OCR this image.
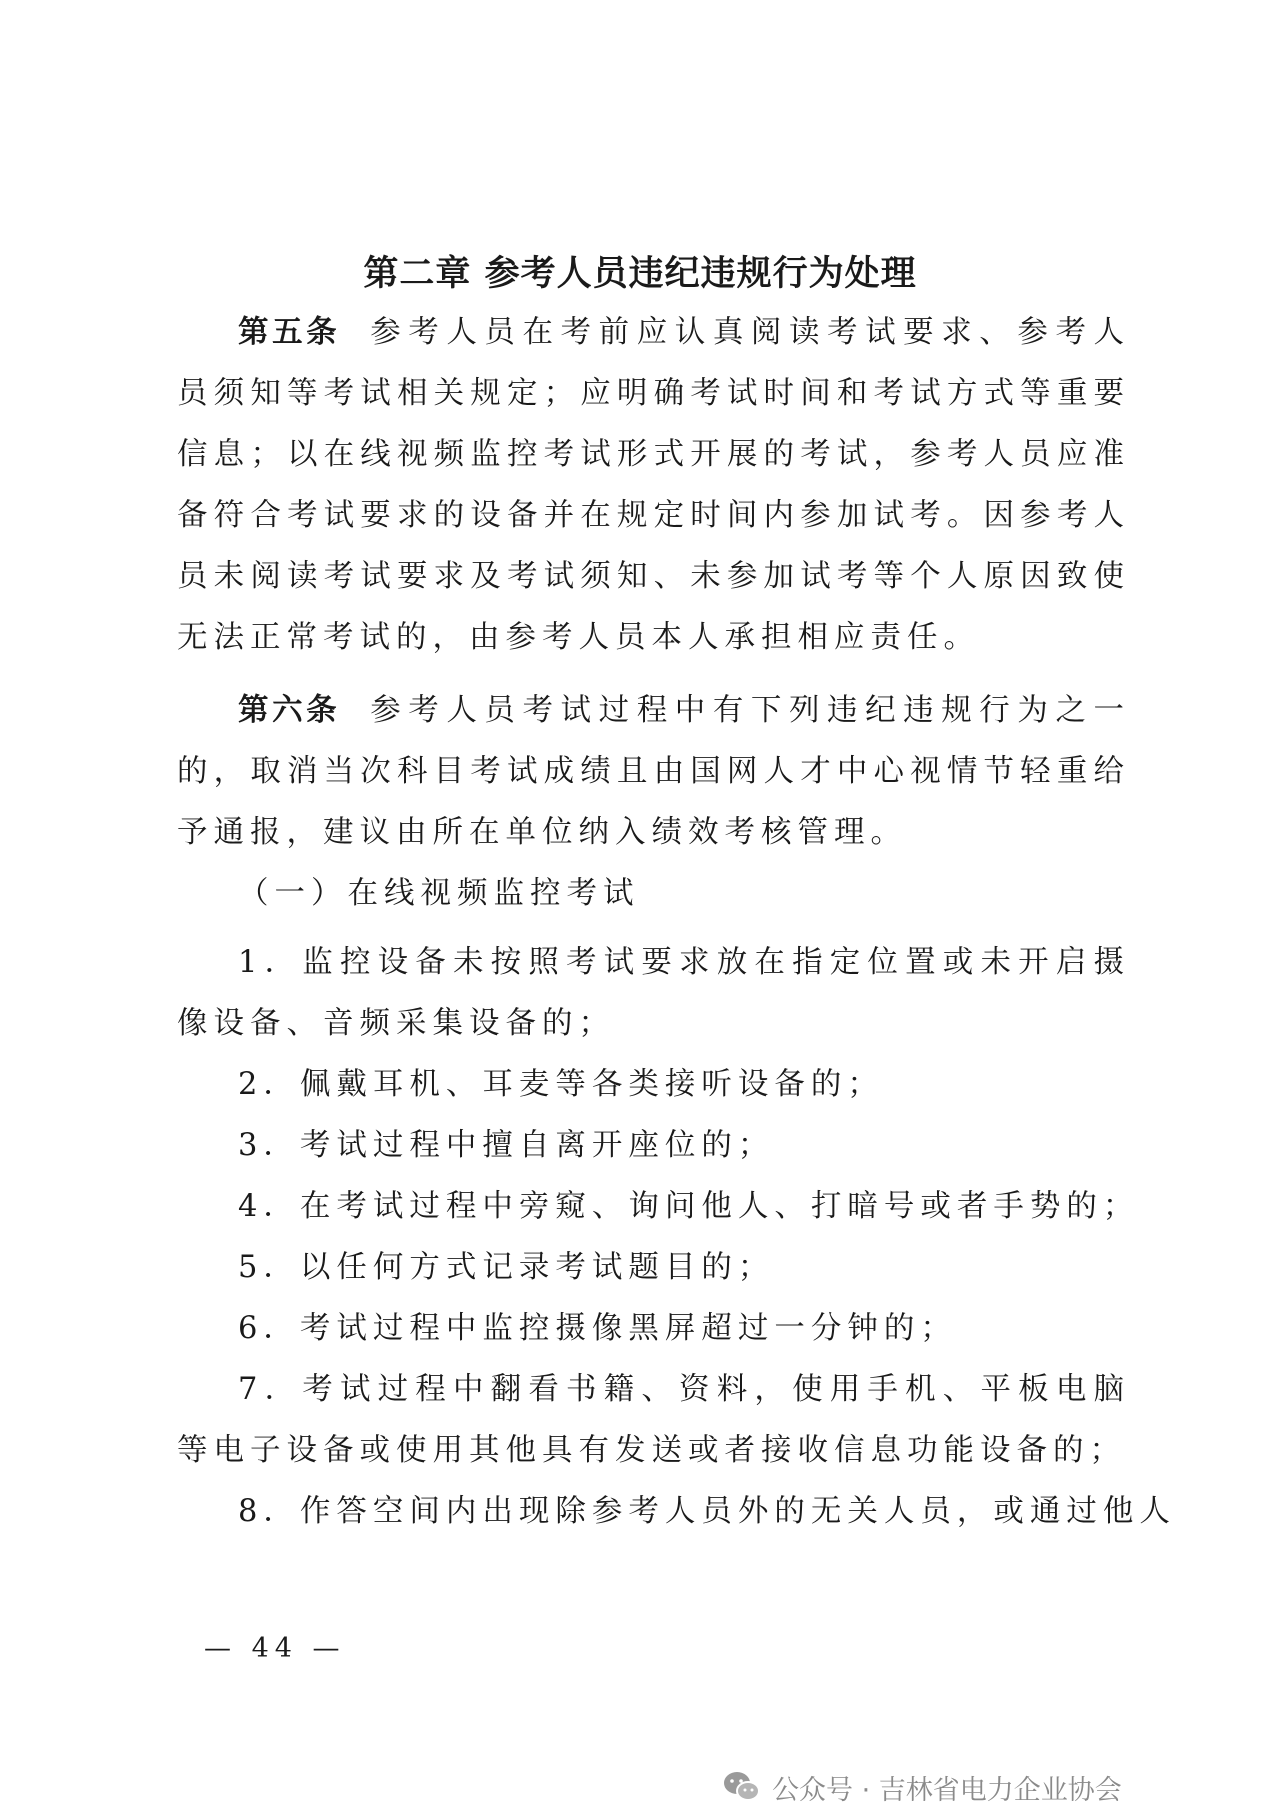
第二章 参考人员违纪违规行为处理

第五条 参考人员在考前应认真阅读考试要求、参考人员须知等考试相关规定；应明确考试时间和考试方式等重要信息；以在线视频监控考试形式开展的考试，参考人员应准备符合考试要求的设备并在规定时间内参加试考。因参考人员未阅读考试要求及考试须知、未参加试考等个人原因致使无法正常考试的，由参考人员本人承担相应责任。

第六条 参考人员考试过程中有下列违纪违规行为之一的，取消当次科目考试成绩且由国网人才中心视情节轻重给予通报，建议由所在单位纳入绩效考核管理。

（一）在线视频监控考试

1．监控设备未按照考试要求放在指定位置或未开启摄像设备、音频采集设备的；

2．佩戴耳机、耳麦等各类接听设备的；

3．考试过程中擅自离开座位的；

4．在考试过程中旁窥、询问他人、打暗号或者手势的；

5．以任何方式记录考试题目的；

6．考试过程中监控摄像黑屏超过一分钟的；

7．考试过程中翻看书籍、资料，使用手机、平板电脑等电子设备或使用其他具有发送或者接收信息功能设备的；

8．作答空间内出现除参考人员外的无关人员，或通过他人

— 44 —
公众号 · 吉林省电力企业协会
